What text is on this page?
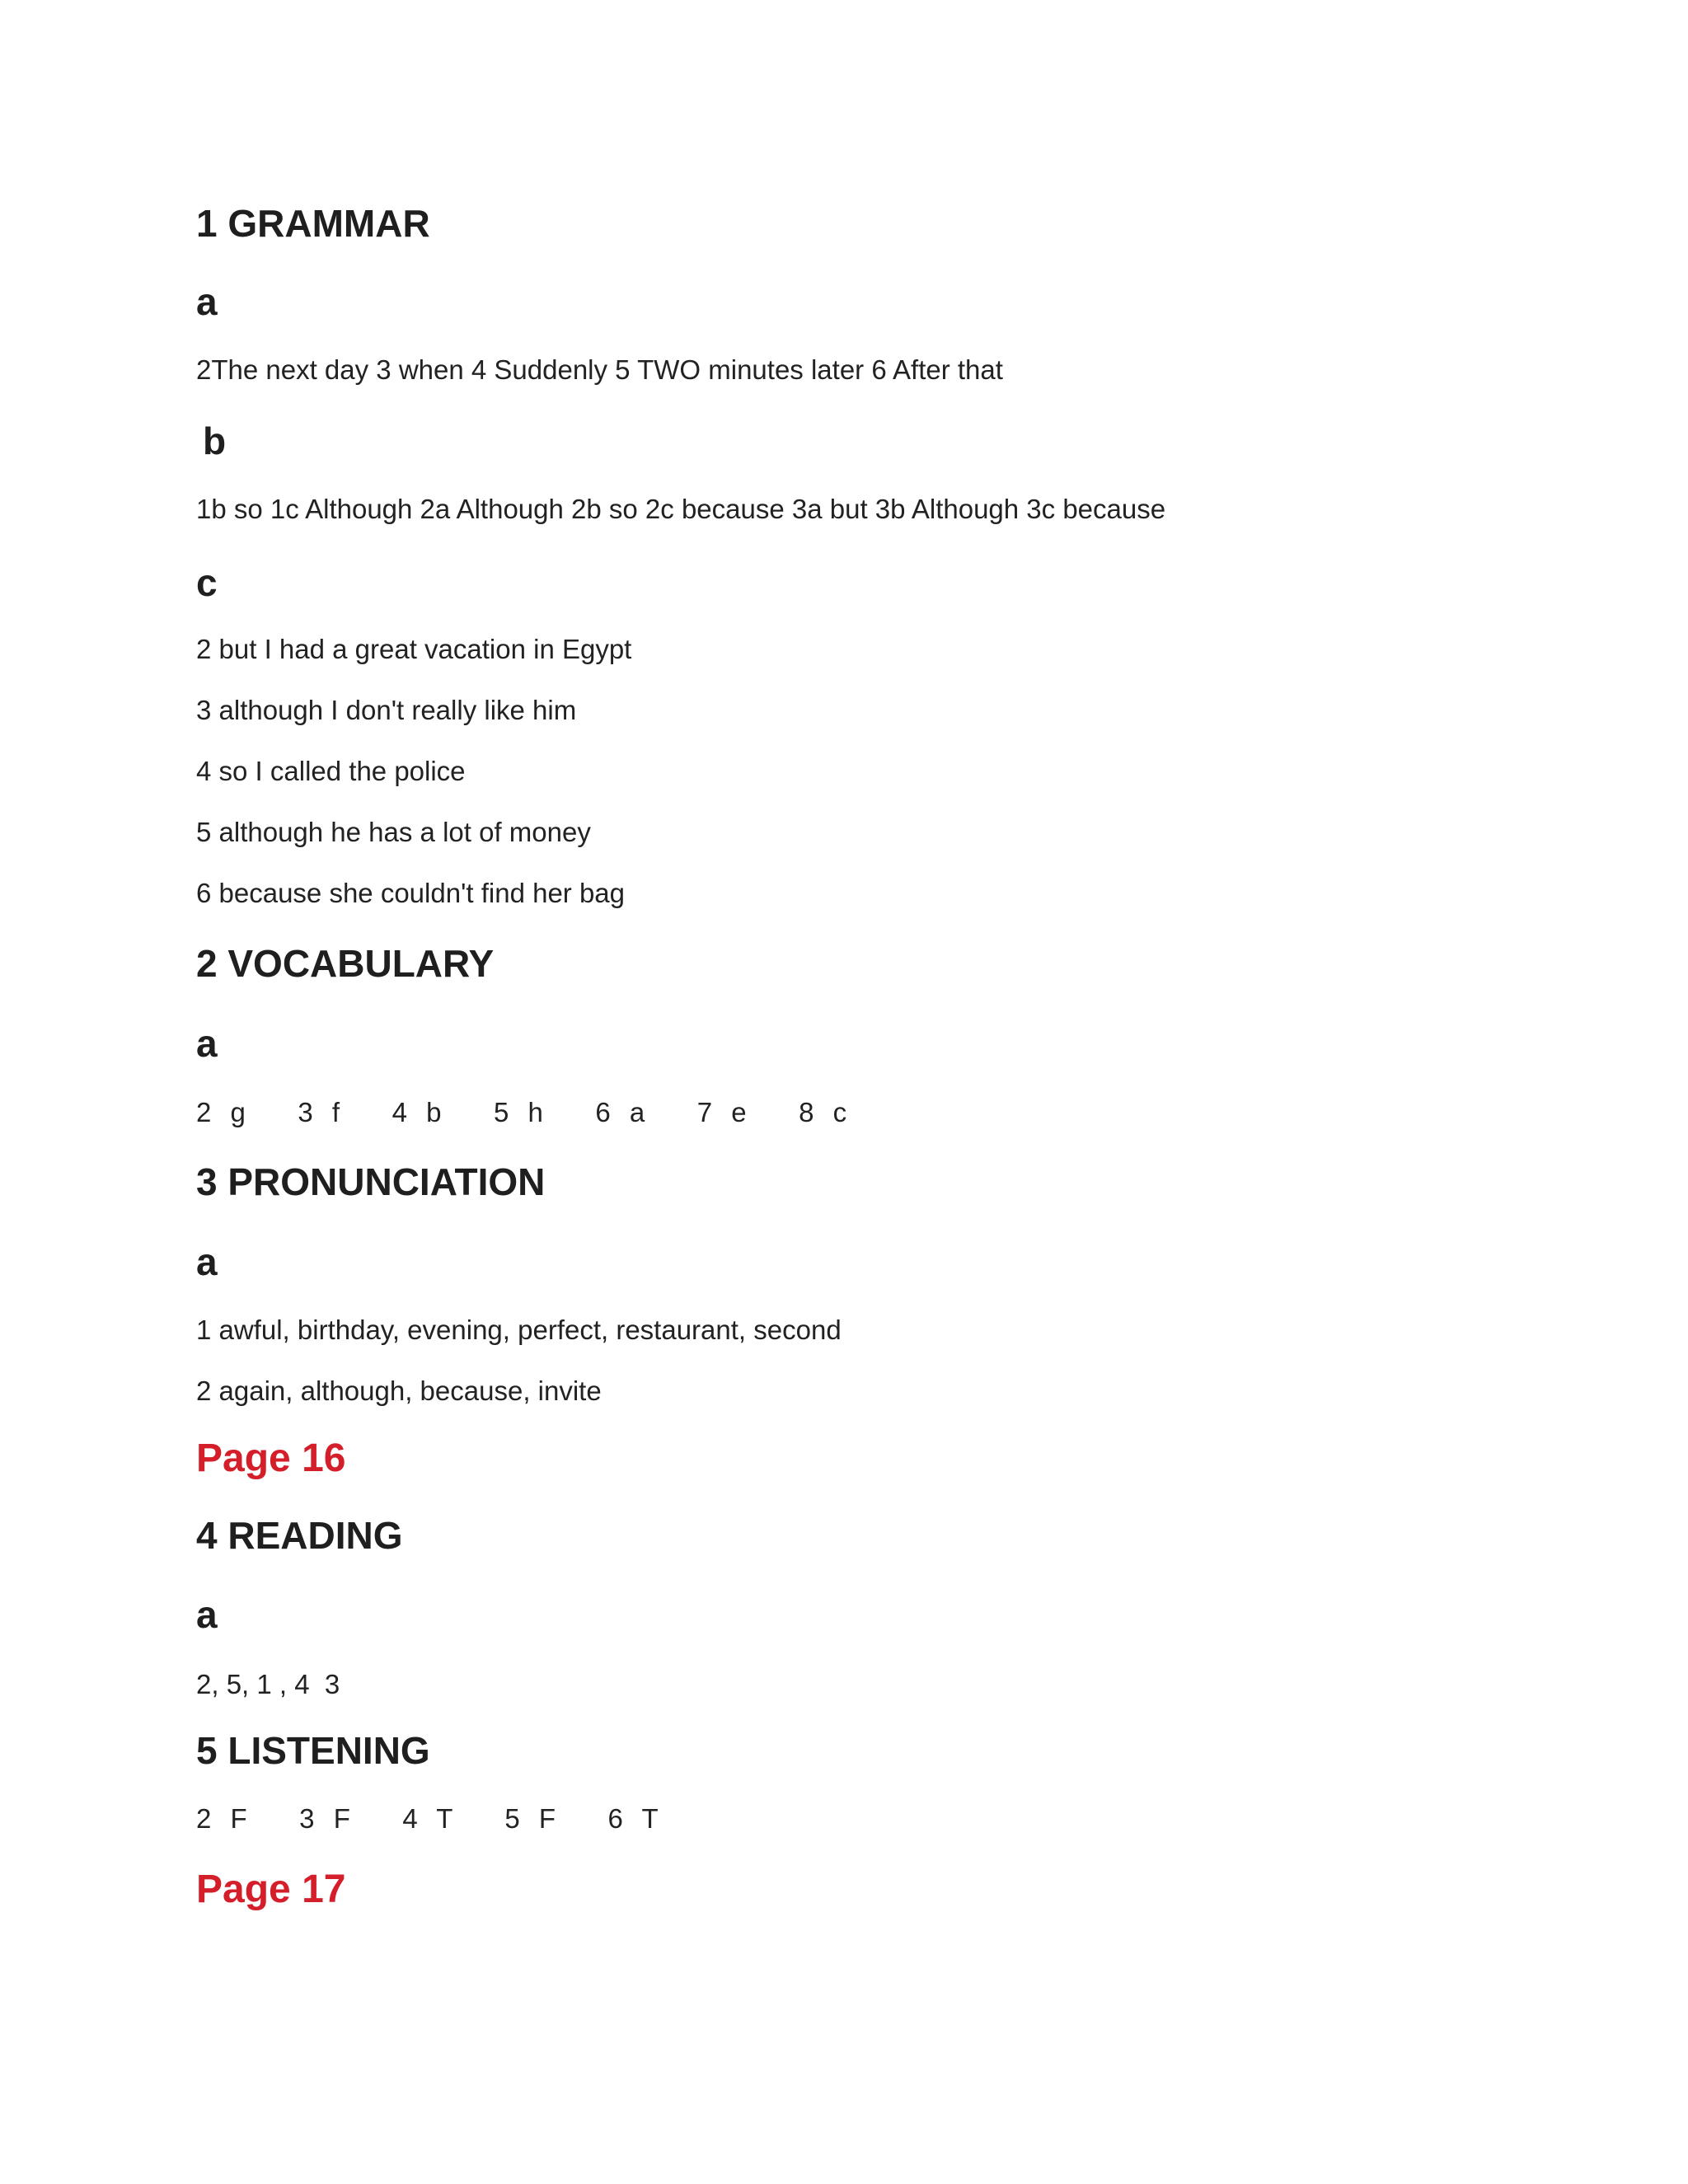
1 GRAMMAR
a

2The next day 3 when 4 Suddenly 5 TWO minutes later 6 After that

b

1b so 1c Although 2a Although 2b so 2c because 3a but 3b Although 3c because

c

2 but I had a great vacation in Egypt

3 although I don't really like him

4 so I called the police

5 although he has a lot of money

6 because she couldn't find her bag

2 VOCABULARY
a

2 g   3 f   4 b   5 h   6 a   7 e   8 c

3 PRONUNCIATION
a

1 awful, birthday, evening, perfect, restaurant, second

2 again, although, because, invite

Page 16
4 READING
a

2, 5, 1 , 4  3

5 LISTENING

2 F   3 F   4 T   5 F   6 T

Page 17
